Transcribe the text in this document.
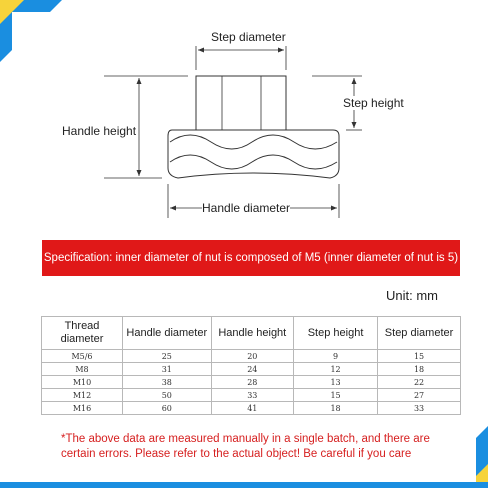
Step diameter
Step height
Handle height
Handle diameter
Specification: inner diameter of nut is composed of M5 (inner diameter of nut is 5)
Unit: mm
Thread diameter	Handle diameter	Handle height	Step height	Step diameter
M5/6	25	20	9	15
M8	31	24	12	18
M10	38	28	13	22
M12	50	33	15	27
M16	60	41	18	33
*The above data are measured manually in a single batch, and there are certain errors. Please refer to the actual object! Be careful if you care
